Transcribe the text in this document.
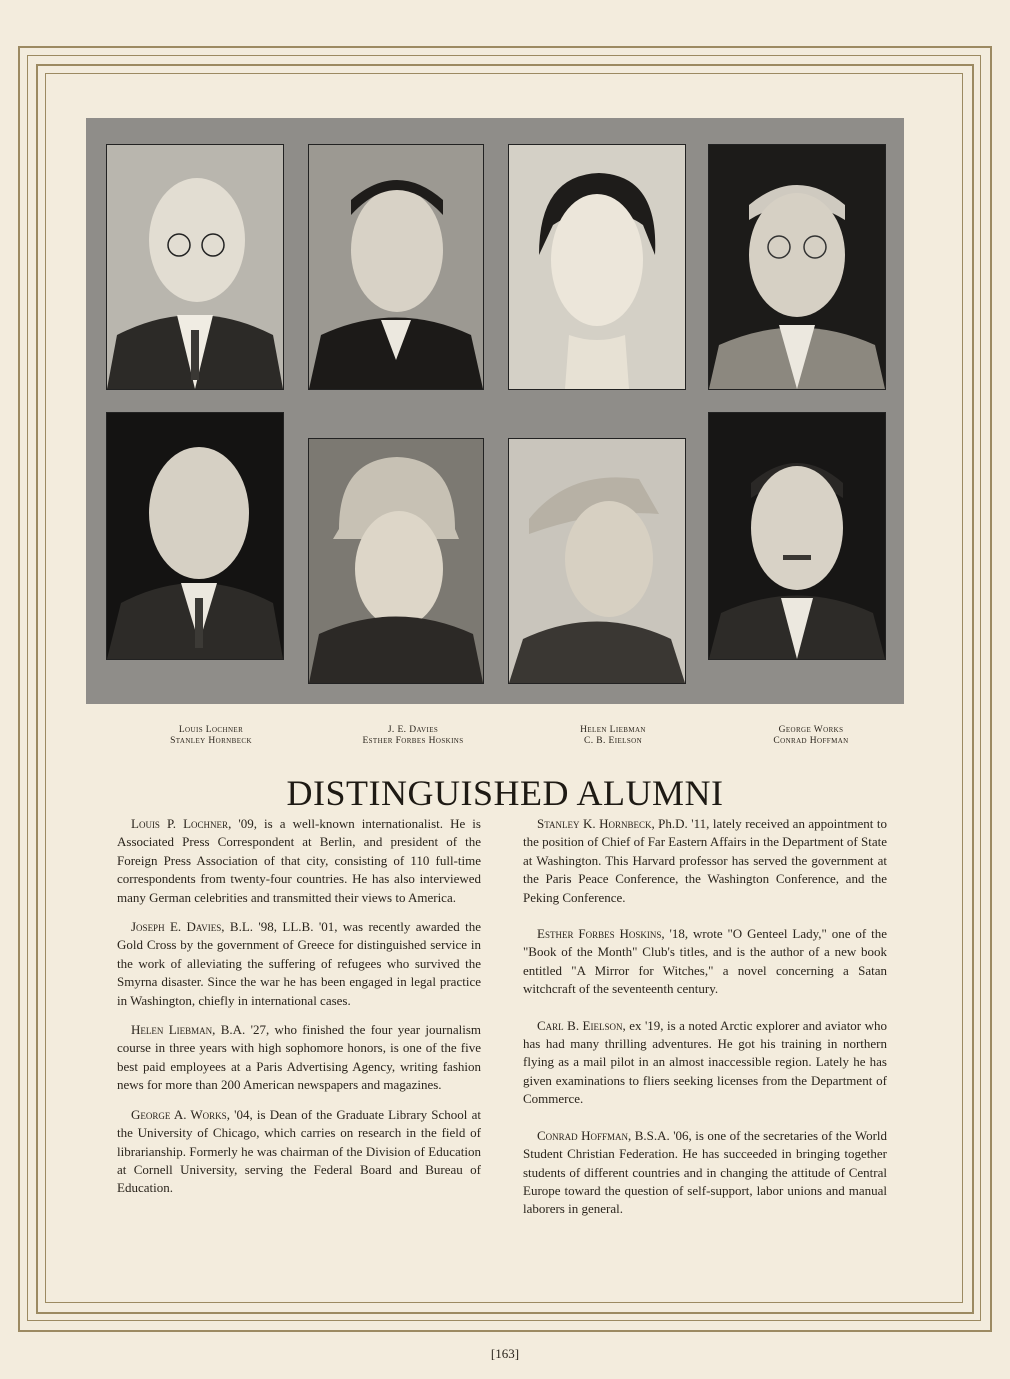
Louis Lochner
Stanley Hornbeck
J. E. Davies
Esther Forbes Hoskins
Helen Liebman
C. B. Eielson
George Works
Conrad Hoffman
DISTINGUISHED ALUMNI

Louis P. Lochner, '09, is a well-known internationalist. He is Associated Press Correspondent at Berlin, and president of the Foreign Press Association of that city, consisting of 110 full-time correspondents from twenty-four countries. He has also interviewed many German celebrities and transmitted their views to America.

Joseph E. Davies, B.L. '98, LL.B. '01, was recently awarded the Gold Cross by the government of Greece for distinguished service in the work of alleviating the suffering of refugees who survived the Smyrna disaster. Since the war he has been engaged in legal practice in Washington, chiefly in international cases.

Helen Liebman, B.A. '27, who finished the four year journalism course in three years with high sophomore honors, is one of the five best paid employees at a Paris Advertising Agency, writing fashion news for more than 200 American newspapers and magazines.

George A. Works, '04, is Dean of the Graduate Library School at the University of Chicago, which carries on research in the field of librarianship. Formerly he was chairman of the Division of Education at Cornell University, serving the Federal Board and Bureau of Education.

Stanley K. Hornbeck, Ph.D. '11, lately received an appointment to the position of Chief of Far Eastern Affairs in the Department of State at Washington. This Harvard professor has served the government at the Paris Peace Conference, the Washington Conference, and the Peking Conference.

Esther Forbes Hoskins, '18, wrote "O Genteel Lady," one of the "Book of the Month" Club's titles, and is the author of a new book entitled "A Mirror for Witches," a novel concerning a Satan witchcraft of the seventeenth century.

Carl B. Eielson, ex '19, is a noted Arctic explorer and aviator who has had many thrilling adventures. He got his training in northern flying as a mail pilot in an almost inaccessible region. Lately he has given examinations to fliers seeking licenses from the Department of Commerce.

Conrad Hoffman, B.S.A. '06, is one of the secretaries of the World Student Christian Federation. He has succeeded in bringing together students of different countries and in changing the attitude of Central Europe toward the question of self-support, labor unions and manual laborers in general.

[163]
